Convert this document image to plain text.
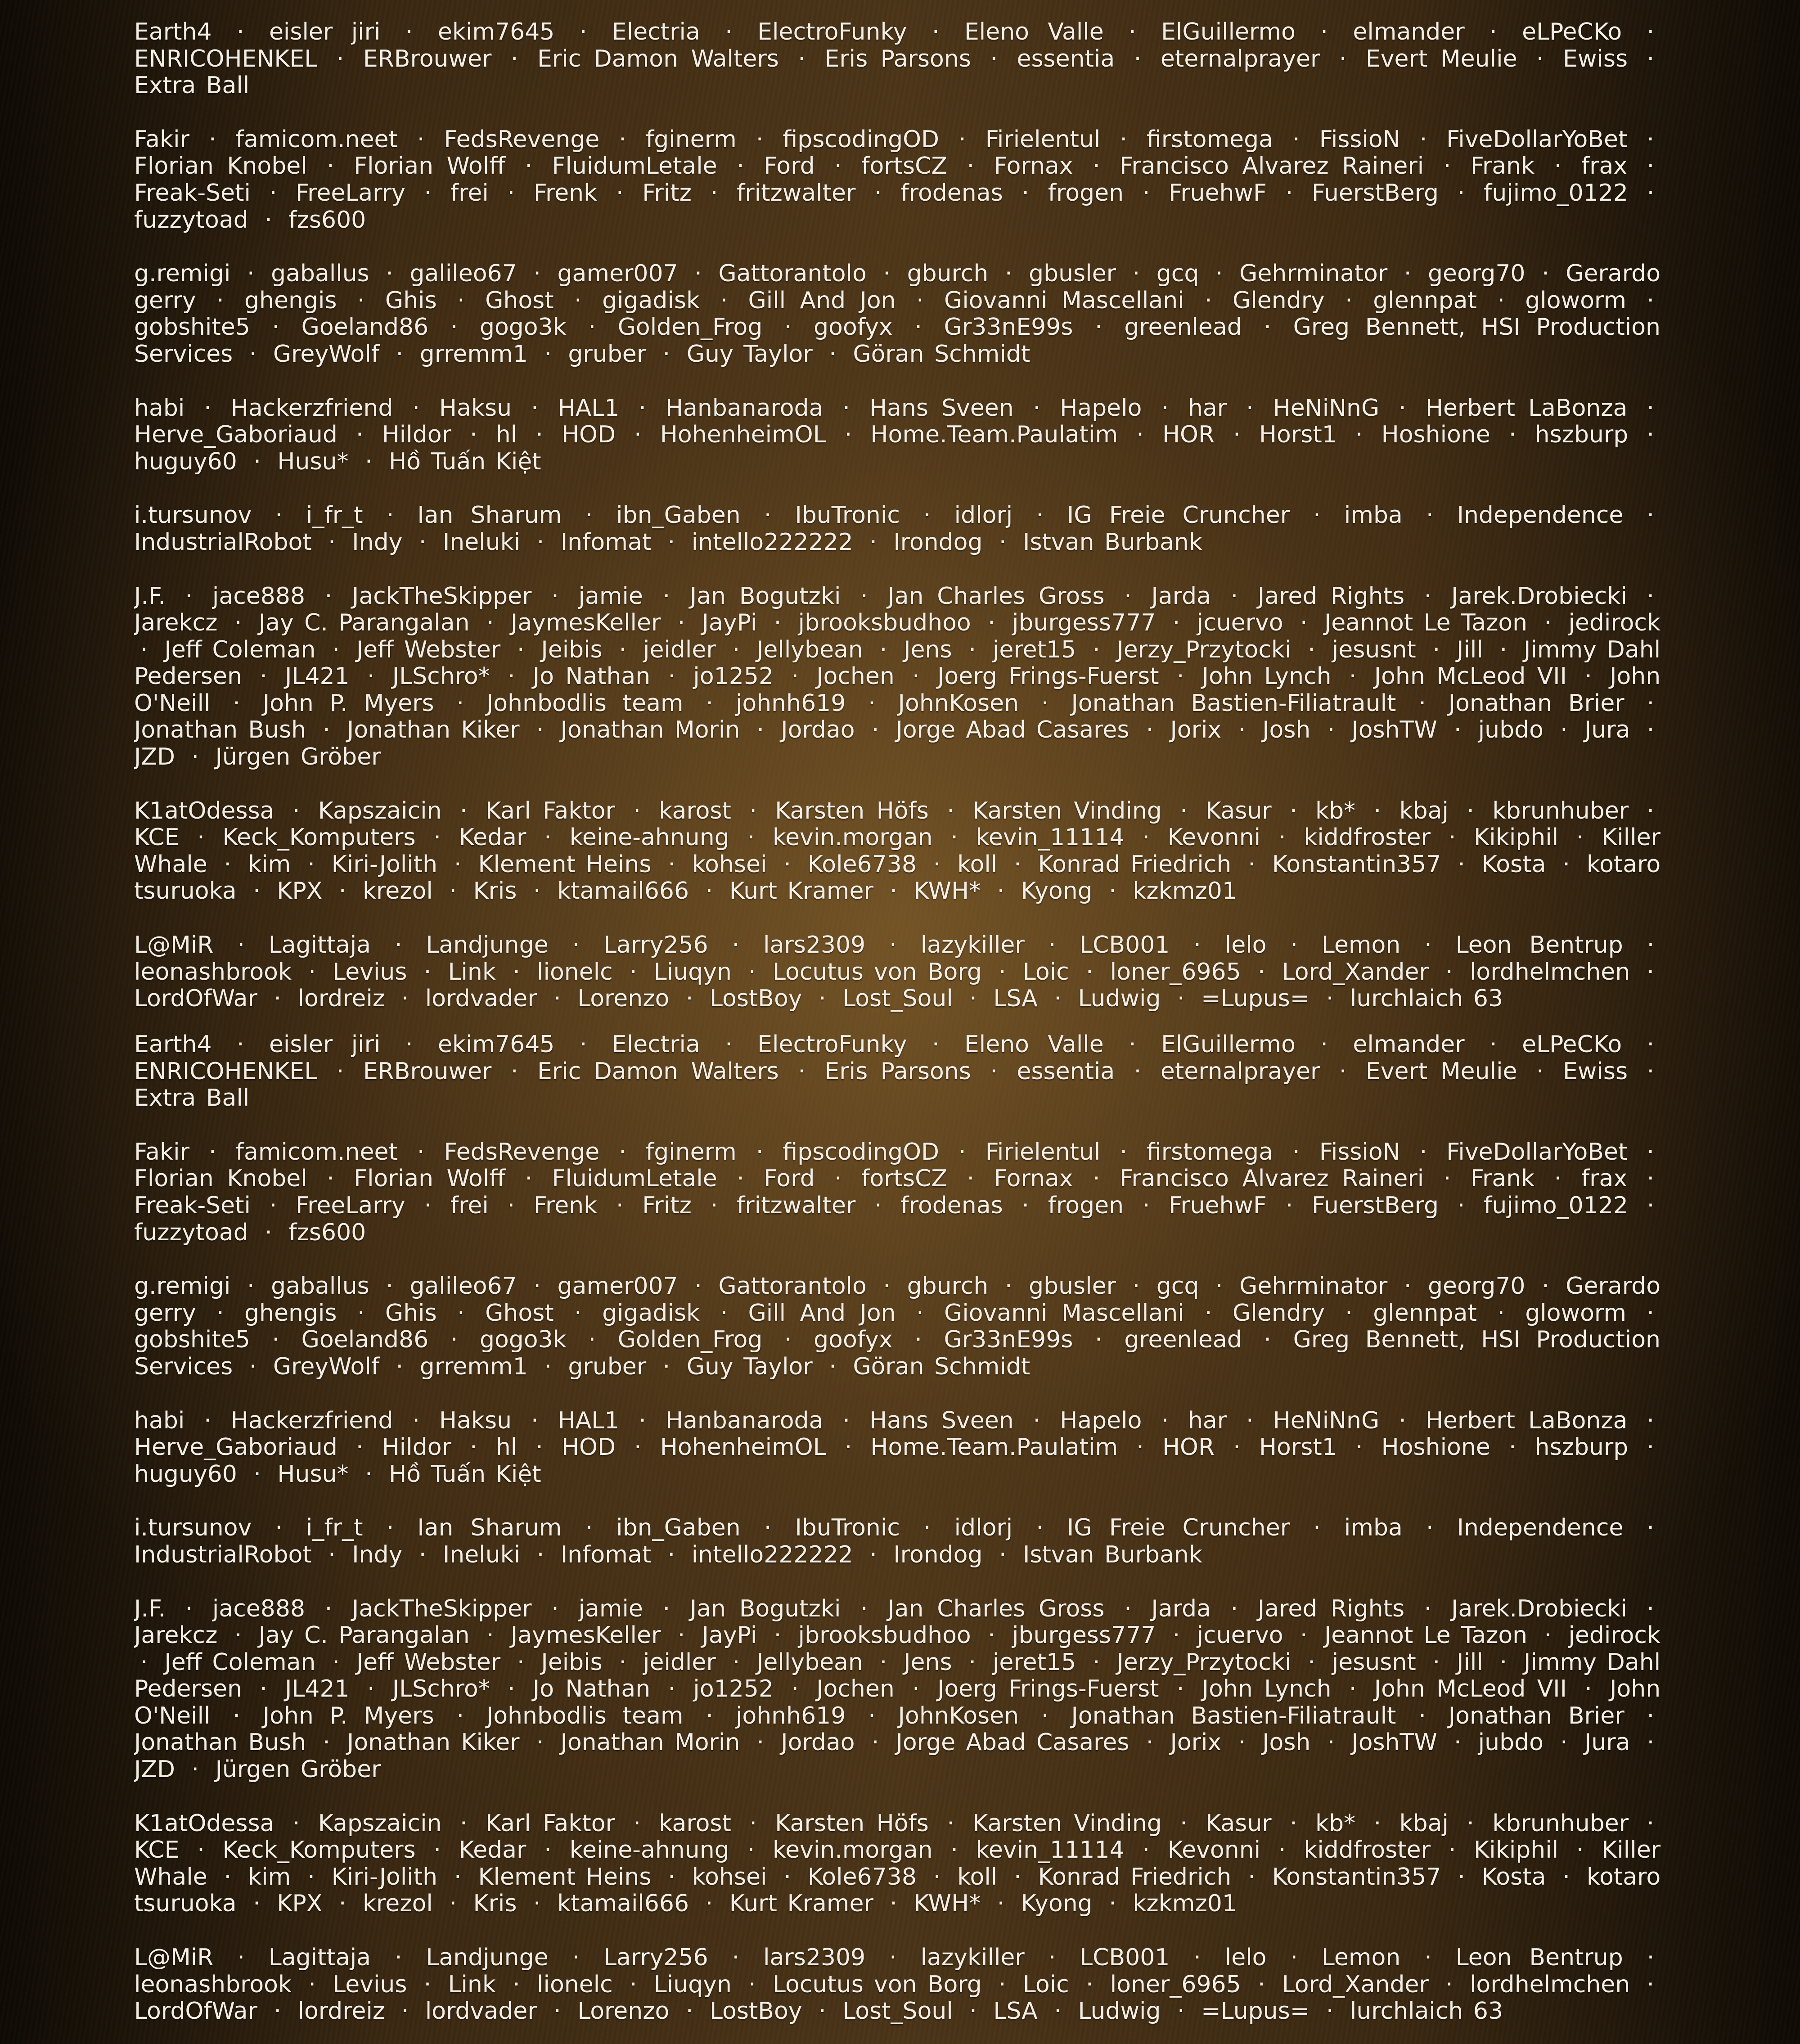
Earth4 · eisler jiri · ekim7645 · Electria · ElectroFunky · Eleno Valle · ElGuillermo · elmander · eLPeCKo · ENRICOHENKEL · ERBrouwer · Eric Damon Walters · Eris Parsons · essentia · eternalprayer · Evert Meulie · Ewiss · Extra Ball

Fakir · famicom.neet · FedsRevenge · fginerm · fipscodingOD · Firielentul · firstomega · FissioN · FiveDollarYoBet · Florian Knobel · Florian Wolff · FluidumLetale · Ford · fortsCZ · Fornax · Francisco Alvarez Raineri · Frank · frax · Freak-Seti · FreeLarry · frei · Frenk · Fritz · fritzwalter · frodenas · frogen · FruehwF · FuerstBerg · fujimo_0122 · fuzzytoad · fzs600

g.remigi · gaballus · galileo67 · gamer007 · Gattorantolo · gburch · gbusler · gcq · Gehrminator · georg70 · Gerardo gerry · ghengis · Ghis · Ghost · gigadisk · Gill And Jon · Giovanni Mascellani · Glendry · glennpat · gloworm · gobshite5 · Goeland86 · gogo3k · Golden_Frog · goofyx · Gr33nE99s · greenlead · Greg Bennett, HSI Production Services · GreyWolf · grremm1 · gruber · Guy Taylor · Göran Schmidt

habi · Hackerzfriend · Haksu · HAL1 · Hanbanaroda · Hans Sveen · Hapelo · har · HeNiNnG · Herbert LaBonza · Herve_Gaboriaud · Hildor · hl · HOD · HohenheimOL · Home.Team.Paulatim · HOR · Horst1 · Hoshione · hszburp · huguy60 · Husu* · Hồ Tuấn Kiệt

i.tursunov · i_fr_t · Ian Sharum · ibn_Gaben · IbuTronic · idlorj · IG Freie Cruncher · imba · Independence · IndustrialRobot · Indy · Ineluki · Infomat · intello222222 · Irondog · Istvan Burbank

J.F. · jace888 · JackTheSkipper · jamie · Jan Bogutzki · Jan Charles Gross · Jarda · Jared Rights · Jarek.Drobiecki · Jarekcz · Jay C. Parangalan · JaymesKeller · JayPi · jbrooksbudhoo · jburgess777 · jcuervo · Jeannot Le Tazon · jedirock · Jeff Coleman · Jeff Webster · Jeibis · jeidler · Jellybean · Jens · jeret15 · Jerzy_Przytocki · jesusnt · Jill · Jimmy Dahl Pedersen · JL421 · JLSchro* · Jo Nathan · jo1252 · Jochen · Joerg Frings-Fuerst · John Lynch · John McLeod VII · John O'Neill · John P. Myers · Johnbodlis team · johnh619 · JohnKosen · Jonathan Bastien-Filiatrault · Jonathan Brier · Jonathan Bush · Jonathan Kiker · Jonathan Morin · Jordao · Jorge Abad Casares · Jorix · Josh · JoshTW · jubdo · Jura · JZD · Jürgen Gröber

K1atOdessa · Kapszaicin · Karl Faktor · karost · Karsten Höfs · Karsten Vinding · Kasur · kb* · kbaj · kbrunhuber · KCE · Keck_Komputers · Kedar · keine-ahnung · kevin.morgan · kevin_11114 · Kevonni · kiddfroster · Kikiphil · Killer Whale · kim · Kiri-Jolith · Klement Heins · kohsei · Kole6738 · koll · Konrad Friedrich · Konstantin357 · Kosta · kotaro tsuruoka · KPX · krezol · Kris · ktamail666 · Kurt Kramer · KWH* · Kyong · kzkmz01

L@MiR · Lagittaja · Landjunge · Larry256 · lars2309 · lazykiller · LCB001 · lelo · Lemon · Leon Bentrup · leonashbrook · Levius · Link · lionelc · Liuqyn · Locutus von Borg · Loic · loner_6965 · Lord_Xander · lordhelmchen · LordOfWar · lordreiz · lordvader · Lorenzo · LostBoy · Lost_Soul · LSA · Ludwig · =Lupus= · lurchlaich 63

Earth4 · eisler jiri · ekim7645 · Electria · ElectroFunky · Eleno Valle · ElGuillermo · elmander · eLPeCKo · ENRICOHENKEL · ERBrouwer · Eric Damon Walters · Eris Parsons · essentia · eternalprayer · Evert Meulie · Ewiss · Extra Ball

Fakir · famicom.neet · FedsRevenge · fginerm · fipscodingOD · Firielentul · firstomega · FissioN · FiveDollarYoBet · Florian Knobel · Florian Wolff · FluidumLetale · Ford · fortsCZ · Fornax · Francisco Alvarez Raineri · Frank · frax · Freak-Seti · FreeLarry · frei · Frenk · Fritz · fritzwalter · frodenas · frogen · FruehwF · FuerstBerg · fujimo_0122 · fuzzytoad · fzs600

g.remigi · gaballus · galileo67 · gamer007 · Gattorantolo · gburch · gbusler · gcq · Gehrminator · georg70 · Gerardo gerry · ghengis · Ghis · Ghost · gigadisk · Gill And Jon · Giovanni Mascellani · Glendry · glennpat · gloworm · gobshite5 · Goeland86 · gogo3k · Golden_Frog · goofyx · Gr33nE99s · greenlead · Greg Bennett, HSI Production Services · GreyWolf · grremm1 · gruber · Guy Taylor · Göran Schmidt

habi · Hackerzfriend · Haksu · HAL1 · Hanbanaroda · Hans Sveen · Hapelo · har · HeNiNnG · Herbert LaBonza · Herve_Gaboriaud · Hildor · hl · HOD · HohenheimOL · Home.Team.Paulatim · HOR · Horst1 · Hoshione · hszburp · huguy60 · Husu* · Hồ Tuấn Kiệt

i.tursunov · i_fr_t · Ian Sharum · ibn_Gaben · IbuTronic · idlorj · IG Freie Cruncher · imba · Independence · IndustrialRobot · Indy · Ineluki · Infomat · intello222222 · Irondog · Istvan Burbank

J.F. · jace888 · JackTheSkipper · jamie · Jan Bogutzki · Jan Charles Gross · Jarda · Jared Rights · Jarek.Drobiecki · Jarekcz · Jay C. Parangalan · JaymesKeller · JayPi · jbrooksbudhoo · jburgess777 · jcuervo · Jeannot Le Tazon · jedirock · Jeff Coleman · Jeff Webster · Jeibis · jeidler · Jellybean · Jens · jeret15 · Jerzy_Przytocki · jesusnt · Jill · Jimmy Dahl Pedersen · JL421 · JLSchro* · Jo Nathan · jo1252 · Jochen · Joerg Frings-Fuerst · John Lynch · John McLeod VII · John O'Neill · John P. Myers · Johnbodlis team · johnh619 · JohnKosen · Jonathan Bastien-Filiatrault · Jonathan Brier · Jonathan Bush · Jonathan Kiker · Jonathan Morin · Jordao · Jorge Abad Casares · Jorix · Josh · JoshTW · jubdo · Jura · JZD · Jürgen Gröber

K1atOdessa · Kapszaicin · Karl Faktor · karost · Karsten Höfs · Karsten Vinding · Kasur · kb* · kbaj · kbrunhuber · KCE · Keck_Komputers · Kedar · keine-ahnung · kevin.morgan · kevin_11114 · Kevonni · kiddfroster · Kikiphil · Killer Whale · kim · Kiri-Jolith · Klement Heins · kohsei · Kole6738 · koll · Konrad Friedrich · Konstantin357 · Kosta · kotaro tsuruoka · KPX · krezol · Kris · ktamail666 · Kurt Kramer · KWH* · Kyong · kzkmz01

L@MiR · Lagittaja · Landjunge · Larry256 · lars2309 · lazykiller · LCB001 · lelo · Lemon · Leon Bentrup · leonashbrook · Levius · Link · lionelc · Liuqyn · Locutus von Borg · Loic · loner_6965 · Lord_Xander · lordhelmchen · LordOfWar · lordreiz · lordvader · Lorenzo · LostBoy · Lost_Soul · LSA · Ludwig · =Lupus= · lurchlaich 63
